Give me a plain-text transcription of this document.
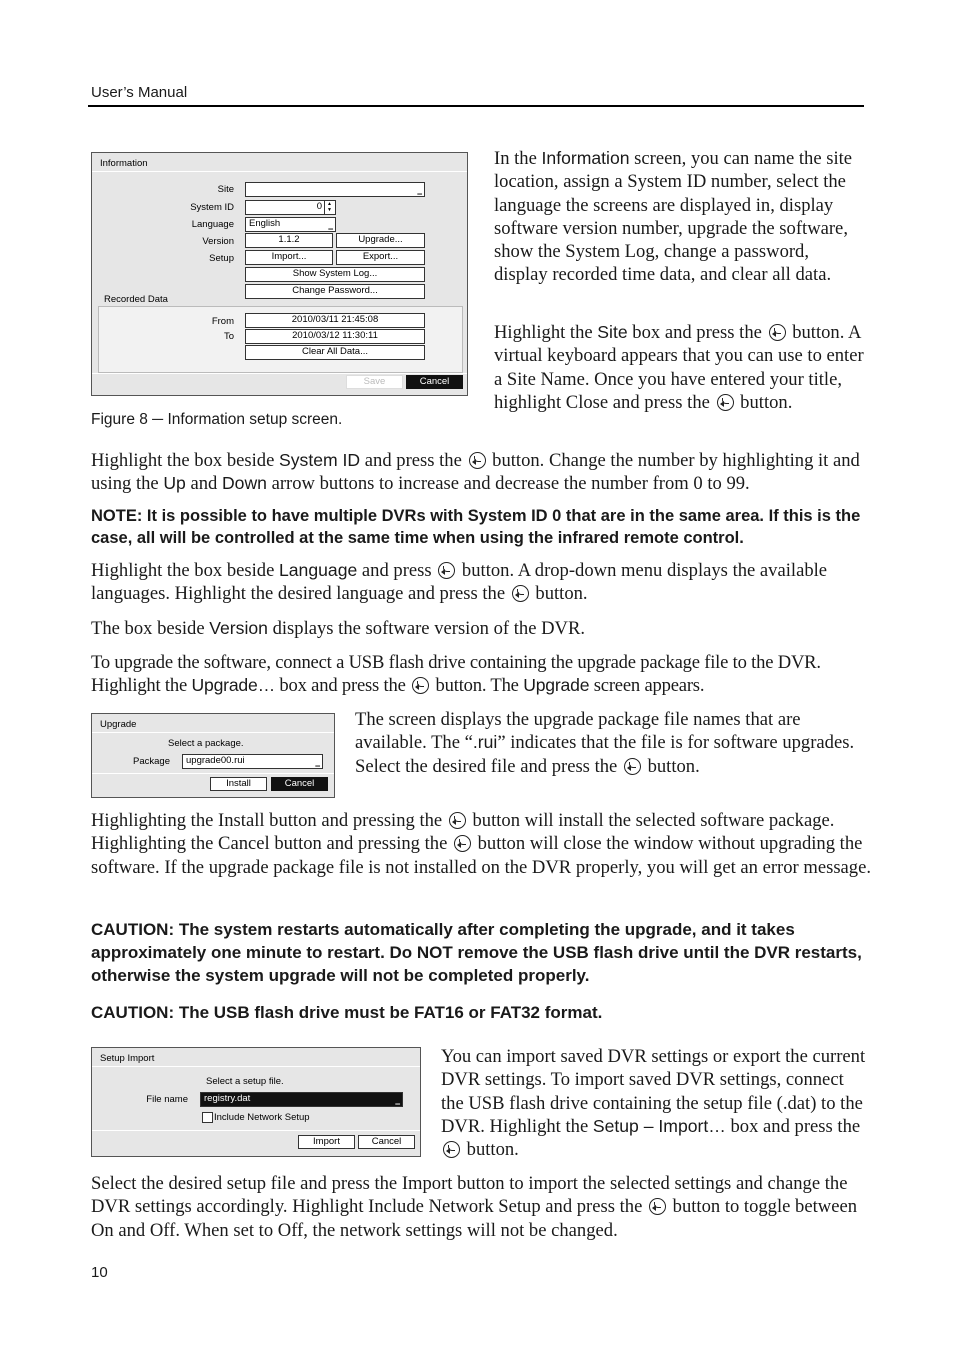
User’s Manual
Information
Site	▁
System ID	0	▲
▼
Language	English	▁
Version	1.1.2	Upgrade...
Setup	Import...	Export...
Show System Log...
Change Password...
Recorded Data
From	2010/03/11 21:45:08
To	2010/03/12 11:30:11
Clear All Data...
Save	Cancel
Figure 8 ─ Information setup screen.

In the Information screen, you can name the site location, assign a System ID number, select the language the screens are displayed in, display software version number, upgrade the software, show the System Log, change a password, display recorded time data, and clear all data.

Highlight the Site box and press the  button. A virtual keyboard appears that you can use to enter a Site Name. Once you have entered your title, highlight Close and press the  button.

Highlight the box beside System ID and press the  button. Change the number by highlighting it and using the Up and Down arrow buttons to increase and decrease the number from 0 to 99.

NOTE: It is possible to have multiple DVRs with System ID 0 that are in the same area. If this is the case, all will be controlled at the same time when using the infrared remote control.

Highlight the box beside Language and press  button. A drop-down menu displays the available languages. Highlight the desired language and press the  button.

The box beside Version displays the software version of the DVR.

To upgrade the software, connect a USB flash drive containing the upgrade package file to the DVR. Highlight the Upgrade… box and press the  button. The Upgrade screen appears.

Upgrade
Select a package.
Package	upgrade00.rui	▁
Install	Cancel

The screen displays the upgrade package file names that are available. The “.rui” indicates that the file is for software upgrades. Select the desired file and press the  button.

Highlighting the Install button and pressing the  button will install the selected software package. Highlighting the Cancel button and pressing the  button will close the window without upgrading the software. If the upgrade package file is not installed on the DVR properly, you will get an error message.

CAUTION: The system restarts automatically after completing the upgrade, and it takes approximately one minute to restart. Do NOT remove the USB flash drive until the DVR restarts, otherwise the system upgrade will not be completed properly.

CAUTION: The USB flash drive must be FAT16 or FAT32 format.

Setup Import
Select a setup file.
File name	registry.dat	▁
Include Network Setup
Import	Cancel

You can import saved DVR settings or export the current DVR settings. To import saved DVR settings, connect the USB flash drive containing the setup file (.dat) to the DVR. Highlight the Setup – Import… box and press the  button.

Select the desired setup file and press the Import button to import the selected settings and change the DVR settings accordingly. Highlight Include Network Setup and press the  button to toggle between On and Off. When set to Off, the network settings will not be changed.

10
